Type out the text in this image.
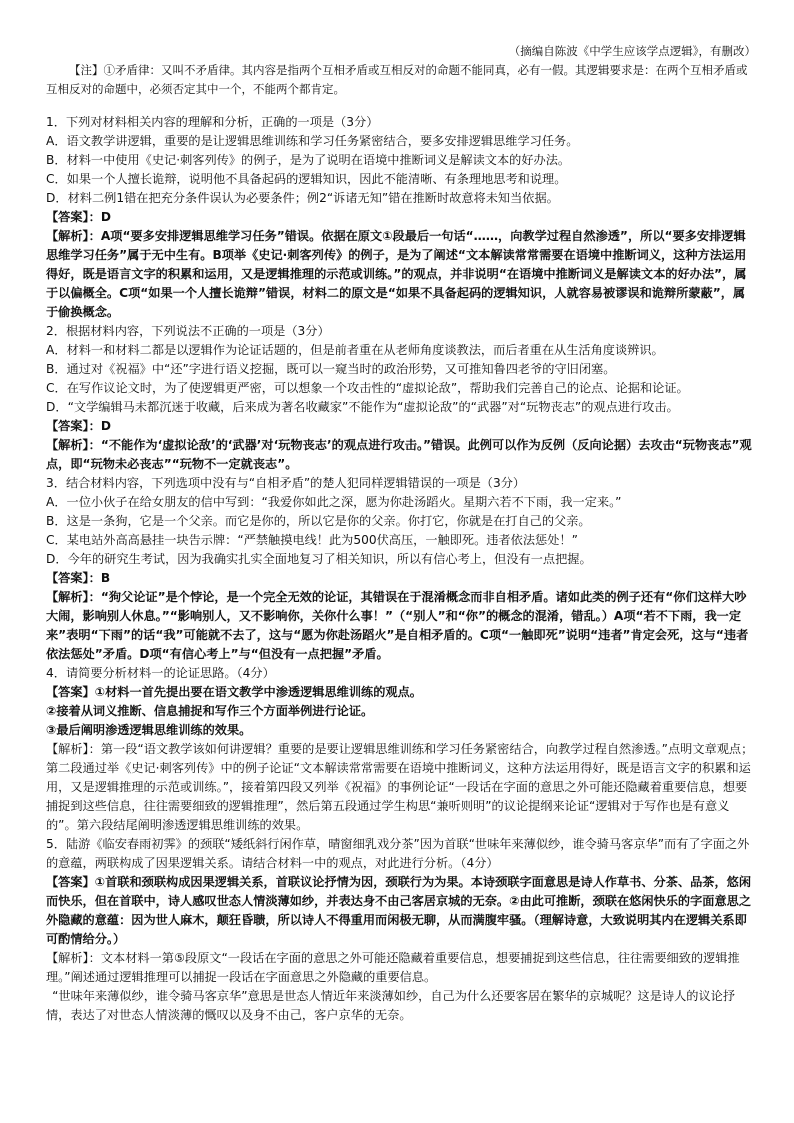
（摘编自陈波《中学生应该学点逻辑》，有删改）
【注】①矛盾律：又叫不矛盾律。其内容是指两个互相矛盾或互相反对的命题不能同真，必有一假。其逻辑要求是：在两个互相矛盾或互相反对的命题中，必须否定其中一个，不能两个都肯定。

1．下列对材料相关内容的理解和分析，正确的一项是（3分）

A．语文教学讲逻辑，重要的是让逻辑思维训练和学习任务紧密结合，要多安排逻辑思维学习任务。

B．材料一中使用《史记·刺客列传》的例子，是为了说明在语境中推断词义是解读文本的好办法。

C．如果一个人擅长诡辩，说明他不具备起码的逻辑知识，因此不能清晰、有条理地思考和说理。

D．材料二例1错在把充分条件误认为必要条件；例2“诉诸无知”错在推断时故意将未知当依据。

【答案】：D

【解析】：A项“要多安排逻辑思维学习任务”错误。依据在原文①段最后一句话“……，向教学过程自然渗透”，所以“要多安排逻辑思维学习任务”属于无中生有。B项举《史记·刺客列传》的例子，是为了阐述“文本解读常常需要在语境中推断词义，这种方法运用得好，既是语言文字的积累和运用，又是逻辑推理的示范或训练。”的观点，并非说明“在语境中推断词义是解读文本的好办法”，属于以偏概全。C项“如果一个人擅长诡辩”错误，材料二的原文是“如果不具备起码的逻辑知识，人就容易被谬误和诡辩所蒙蔽”，属于偷换概念。

2．根据材料内容，下列说法不正确的一项是（3分）

A．材料一和材料二都是以逻辑作为论证话题的，但是前者重在从老师角度谈教法，而后者重在从生活角度谈辨识。

B．通过对《祝福》中“还”字进行语义挖掘，既可以一窥当时的政治形势，又可推知鲁四老爷的守旧闭塞。

C．在写作议论文时，为了使逻辑更严密，可以想象一个攻击性的“虚拟论敌”，帮助我们完善自己的论点、论据和论证。

D．“文学编辑马未都沉迷于收藏，后来成为著名收藏家”不能作为“虚拟论敌”的“武器”对“玩物丧志”的观点进行攻击。

【答案】：D

【解析】：“不能作为‘虚拟论敌’的‘武器’对‘玩物丧志’的观点进行攻击。”错误。此例可以作为反例（反向论据）去攻击“玩物丧志”观点，即“玩物未必丧志”“玩物不一定就丧志”。

3．结合材料内容，下列选项中没有与“自相矛盾”的楚人犯同样逻辑错误的一项是（3分）

A．一位小伙子在给女朋友的信中写到：“我爱你如此之深，愿为你赴汤蹈火。星期六若不下雨，我一定来。”

B．这是一条狗，它是一个父亲。而它是你的，所以它是你的父亲。你打它，你就是在打自己的父亲。

C．某电站外高高悬挂一块告示牌：“严禁触摸电线！此为500伏高压，一触即死。违者依法惩处！”

D．今年的研究生考试，因为我确实扎实全面地复习了相关知识，所以有信心考上，但没有一点把握。

【答案】：B

【解析】：“狗父论证”是个悖论，是一个完全无效的论证，其错误在于混淆概念而非自相矛盾。诸如此类的例子还有“你们这样大吵大闹，影响别人休息。”“影响别人，又不影响你，关你什么事！”（“别人”和“你”的概念的混淆，错乱。）A项“若不下雨，我一定来”表明“下雨”的话“我”可能就不去了，这与“愿为你赴汤蹈火”是自相矛盾的。C项“一触即死”说明“违者”肯定会死，这与“违者依法惩处”矛盾。D项“有信心考上”与“但没有一点把握”矛盾。

4．请简要分析材料一的论证思路。（4分）

【答案】①材料一首先提出要在语文教学中渗透逻辑思维训练的观点。

②接着从词义推断、信息捕捉和写作三个方面举例进行论证。

③最后阐明渗透逻辑思维训练的效果。

【解析】：第一段“语文教学该如何讲逻辑？重要的是要让逻辑思维训练和学习任务紧密结合，向教学过程自然渗透。”点明文章观点；第二段通过举《史记·刺客列传》中的例子论证“文本解读常常需要在语境中推断词义，这种方法运用得好，既是语言文字的积累和运用，又是逻辑推理的示范或训练。”，接着第四段又列举《祝福》的事例论证“一段话在字面的意思之外可能还隐藏着重要信息，想要捕捉到这些信息，往往需要细致的逻辑推理”，然后第五段通过学生构思“兼听则明”的议论提纲来论证“逻辑对于写作也是有意义的”。第六段结尾阐明渗透逻辑思维训练的效果。

5．陆游《临安春雨初霁》的颈联“矮纸斜行闲作草，晴窗细乳戏分茶”因为首联“世味年来薄似纱，谁令骑马客京华”而有了字面之外的意蕴，两联构成了因果逻辑关系。请结合材料一中的观点，对此进行分析。（4分）

【答案】①首联和颈联构成因果逻辑关系，首联议论抒情为因，颈联行为为果。本诗颈联字面意思是诗人作草书、分茶、品茶，悠闲而快乐，但在首联中，诗人感叹世态人情淡薄如纱，并表达身不由己客居京城的无奈。②由此可推断，颈联在悠闲快乐的字面意思之外隐藏的意蕴：因为世人麻木，颠狂昏聩，所以诗人不得重用而闲极无聊，从而满腹牢骚。（理解诗意，大致说明其内在逻辑关系即可酌情给分。）

【解析】：文本材料一第⑤段原文“一段话在字面的意思之外可能还隐藏着重要信息，想要捕捉到这些信息，往往需要细致的逻辑推理。”阐述通过逻辑推理可以捕捉一段话在字面意思之外隐藏的重要信息。

“世味年来薄似纱，谁令骑马客京华”意思是世态人情近年来淡薄如纱，自己为什么还要客居在繁华的京城呢？这是诗人的议论抒情，表达了对世态人情淡薄的慨叹以及身不由己，客户京华的无奈。
